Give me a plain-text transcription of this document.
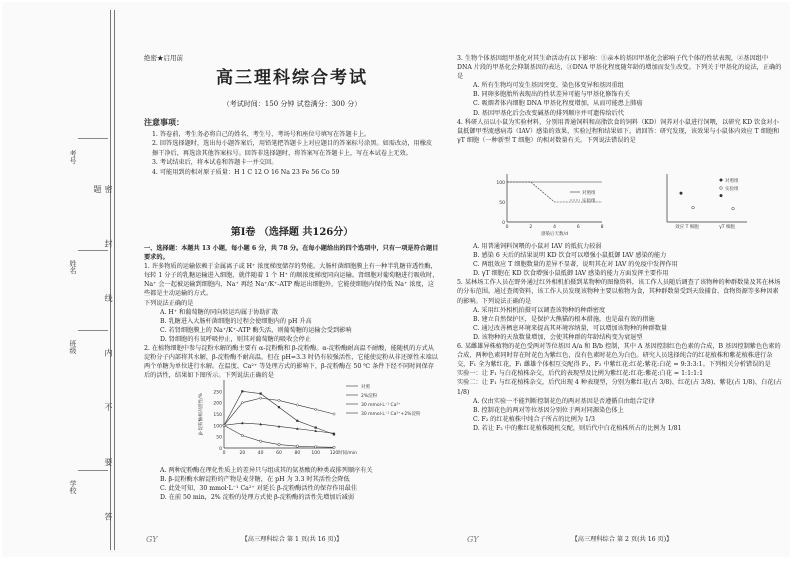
考号
姓名
班级
学校	密 封 线 内 不 要 答 题
绝密★启用前
高三理科综合考试
（考试时间：150 分钟 试卷满分：300 分）
注意事项：

1. 答卷前，考生务必将自己的姓名、考生号、考场号和座位号填写在答题卡上。

2. 回答选择题时，选出每小题答案后，用铅笔把答题卡上对应题目的答案标号涂黑。如需改动，用橡皮擦干净后，再选涂其他答案标号。回答非选择题时，将答案写在答题卡上，写在本试卷上无效。

3. 考试结束后，将本试卷和答题卡一并交回。

4. 可能用到的相对原子质量：H 1 C 12 O 16 Na 23 Fe 56 Co 59

第Ⅰ卷 （选择题 共126分）

一、选择题：本题共 13 小题，每小题 6 分，共 78 分。在每小题给出的四个选项中，只有一项是符合题目要求的。

1. 许多物质的运输依赖于金属离子或 H⁺ 浓度梯度储存的势能。大肠杆菌细胞膜上有一种半乳糖苷透性酶，每转 1 分子的乳糖运输进入细胞，就伴随着 1 个 H⁺ 的顺浓度梯度同向运输。肾细胞对葡萄糖进行吸收时，Na⁺ 会一起被运输到细胞内，Na⁺ 再经 Na⁺/K⁺-ATP 酶运出细胞外，它能使细胞内保持低 Na⁺ 浓度，这些都是主动运输的方式。

下列说法正确的是

A. H⁺ 和葡萄糖的同向转运均属于协助扩散

B. 乳糖进入大肠杆菌细胞的过程会使细胞内的 pH 升高

C. 若肾细胞膜上的 Na⁺/K⁺-ATP 酶失活，则葡萄糖的运输会受到影响

D. 肾细胞的有氧呼吸停止，则其对葡萄糖的吸收会停止

2. 在植物细胞中参与淀粉水解的酶主要有 α-淀粉酶和 β-淀粉酶。α-淀粉酶耐高温不耐酸，能随机的方式从淀粉分子内部将其水解，β-淀粉酶不耐高温，但在 pH=3.3 时仍有较强活性，它能使淀粉从非还原性末端以两个单糖为单位进行水解。在温度、Ca²⁺ 等处理方式的影响下，β-淀粉酶在 50 ℃ 条件下经不同时间保存后的活性，结果如下图所示。下列说法正确的是

0
50
100
150
200
250
0	20	40	60	80 100 120 时间/min
β-淀粉酶相对活性/%
对照
2%淀粉
30 mmol·L⁻¹ Ca²⁺
30 mmol·L⁻¹ Ca²⁺+2%淀粉

A. 两种淀粉酶在理化性质上的差异只与组成其的氨基酸的种类或排列顺序有关

B. β-淀粉酶水解淀粉的产物是麦芽糖，在 pH 为 3.3 时其活性会降低

C. 此处可知，30 mmol·L⁻¹ Ca²⁺ 对延长 β-淀粉酶活性的保存作用最佳

D. 在前 50 min，2% 淀粉的处理方式使 β-淀粉酶的活性先增加后减弱

GY	【高三理科综合 第 1 页(共 16 页)】

3. 生物个体基因组甲基化对其生命活动有以下影响：①亲本的基因甲基化会影响子代个体的性状表现，②基因组中 DNA 片段的甲基化会抑制基因的表达，③DNA 甲基化程度随年龄的增加而发生改变。下列关于甲基化的说法，正确的是

A. 所有生物均可发生基因突变、染色体变异和基因重组

B. 同卵多胞胎所表现出的性状差异可能与甲基化修饰有关

C. 吸烟者体内细胞 DNA 甲基化程度增加，从而可能患上肺癌

D. 基因甲基化后会改变碱基的排列顺序并可遗传给后代

4. 科研人员以小鼠为实验材料，分别用普通饲料和高脂饮食的饲料（KD）饲养对小鼠进行饲喂，以研究 KD 饮食对小鼠抵御甲型流感病毒（IAV）感染的效果，实验过程和结果如下。请回答：研究发现，该效果与小鼠体内效应 T 细胞和 γT 细胞（一种新型 T 细胞）的相对数量有关。下列说法错误的是

0
50
100
0	2	4	6	8
感染后天数/d
对照组
实验组
效应 T 细胞	γT 细胞
对照组
实验组

A. 用普通饲料饲喂的小鼠对 IAV 的抵抗力较弱

B. 感染 6 天后的结果说明 KD 饮食可以增强小鼠抵御 IAV 感染的能力

C. 两组效应 T 细胞数量的差异不显著，说明其在对 IAV 的免疫中发挥作用

D. γT 细胞在 KD 饮食增强小鼠抵御 IAV 感染的能力方面发挥主要作用

5. 某林场工作人员在野外通过红外相机拍摄到某物种的图像资料，该工作人员随后调查了该物种的种群数量及其在林场的分布范围。通过查阅资料，该工作人员发现该物种主要以植物为食，其种群数量受到天敌捕食、食物资源等多种因素的影响。下列说法正确的是

A. 采用红外相机拍摄可以调查该物种的种群密度

B. 建立自然保护区，是保护大熊猫的根本措施，也是最有效的措施

C. 通过改善栖息环境来提高其环境容纳量，可以增加该物种的种群数量

D. 该物种的天敌数量增加，会使其种群的年龄结构变为衰退型

6. 某雌雄异株植物的花色受两对等位基因 A/a 和 B/b 控制，其中 A 基因控制红色色素的合成，B 基因控制紫色色素的合成，两种色素同时存在时花色为紫红色，没有色素时花色为白色。研究人员选择纯合的红花植株和紫花植株进行杂交，F₁ 全为紫红花，F₁ 雌雄个体相互交配得 F₂，F₂ 中紫红花:红花:紫花:白花 = 9:3:3:1。下列相关分析错误的是

实验一：让 F₁ 与白花植株杂交，后代的表现型及比例为紫红花:红花:紫花:白花 = 1:1:1:1

实验二：让 F₁ 与红花植株杂交，后代出现 4 种表现型，分别为紫红花(占 3/8)、红花(占 3/8)、紫花(占 1/8)、白花(占 1/8)

A. 仅由实验一不能判断控制花色的两对基因是否遵循自由组合定律

B. 控制花色的两对等位基因分别位于两对同源染色体上

C. F₂ 的红花植株中纯合子所占的比例为 1/3

D. 若让 F₂ 中的紫红花植株随机交配，则后代中白花植株所占的比例为 1/81

GY	【高三理科综合 第 2 页(共 16 页)】
